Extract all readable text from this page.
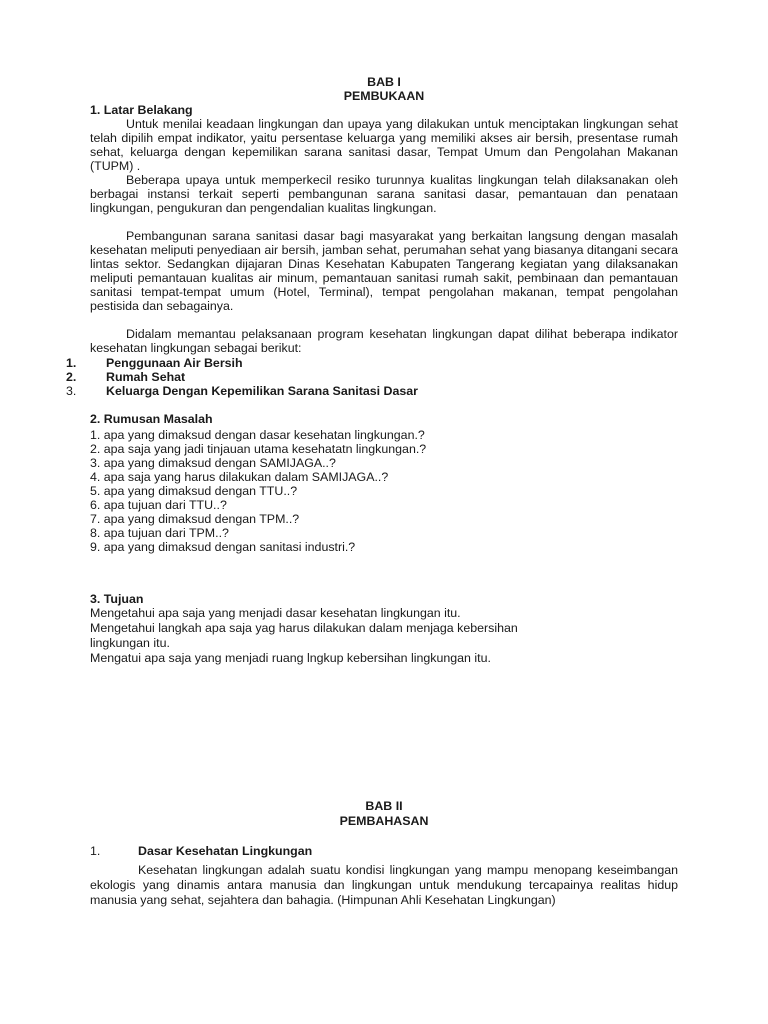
BAB I
PEMBUKAAN
1. Latar Belakang
Untuk menilai keadaan lingkungan dan upaya yang dilakukan untuk menciptakan lingkungan sehat telah dipilih empat indikator, yaitu persentase keluarga yang memiliki akses air bersih, presentase rumah sehat, keluarga dengan kepemilikan sarana sanitasi dasar, Tempat Umum dan Pengolahan Makanan (TUPM) .
Beberapa upaya untuk memperkecil resiko turunnya kualitas lingkungan telah dilaksanakan oleh berbagai instansi terkait seperti pembangunan sarana sanitasi dasar, pemantauan dan penataan lingkungan, pengukuran dan pengendalian kualitas lingkungan.
Pembangunan sarana sanitasi dasar bagi masyarakat yang berkaitan langsung dengan masalah kesehatan meliputi penyediaan air bersih, jamban sehat, perumahan sehat yang biasanya ditangani secara lintas sektor. Sedangkan dijajaran Dinas Kesehatan Kabupaten Tangerang kegiatan yang dilaksanakan meliputi pemantauan kualitas air minum, pemantauan sanitasi rumah sakit, pembinaan dan pemantauan sanitasi tempat-tempat umum (Hotel, Terminal), tempat pengolahan makanan, tempat pengolahan pestisida dan sebagainya.
Didalam memantau pelaksanaan program kesehatan lingkungan dapat dilihat beberapa indikator kesehatan lingkungan sebagai berikut:
1. Penggunaan Air Bersih
2. Rumah Sehat
3. Keluarga Dengan Kepemilikan Sarana Sanitasi Dasar
2. Rumusan Masalah
1. apa yang dimaksud dengan dasar kesehatan lingkungan.?
2. apa saja yang jadi tinjauan utama kesehatatn lingkungan.?
3. apa yang dimaksud dengan SAMIJAGA..?
4. apa saja yang harus dilakukan dalam SAMIJAGA..?
5. apa yang dimaksud dengan TTU..?
6. apa tujuan dari TTU..?
7. apa yang dimaksud dengan TPM..?
8. apa tujuan dari TPM..?
9. apa yang dimaksud dengan sanitasi industri.?
3. Tujuan
Mengetahui apa saja yang menjadi dasar kesehatan lingkungan itu.
Mengetahui langkah apa saja yag harus dilakukan dalam menjaga kebersihan
lingkungan itu.
Mengatui apa saja yang menjadi ruang lngkup kebersihan lingkungan itu.
BAB II
PEMBAHASAN
1.	Dasar Kesehatan Lingkungan
Kesehatan lingkungan adalah suatu kondisi lingkungan yang mampu menopang keseimbangan ekologis yang dinamis antara manusia dan lingkungan untuk mendukung tercapainya realitas hidup manusia yang sehat, sejahtera dan bahagia. (Himpunan Ahli Kesehatan Lingkungan)
